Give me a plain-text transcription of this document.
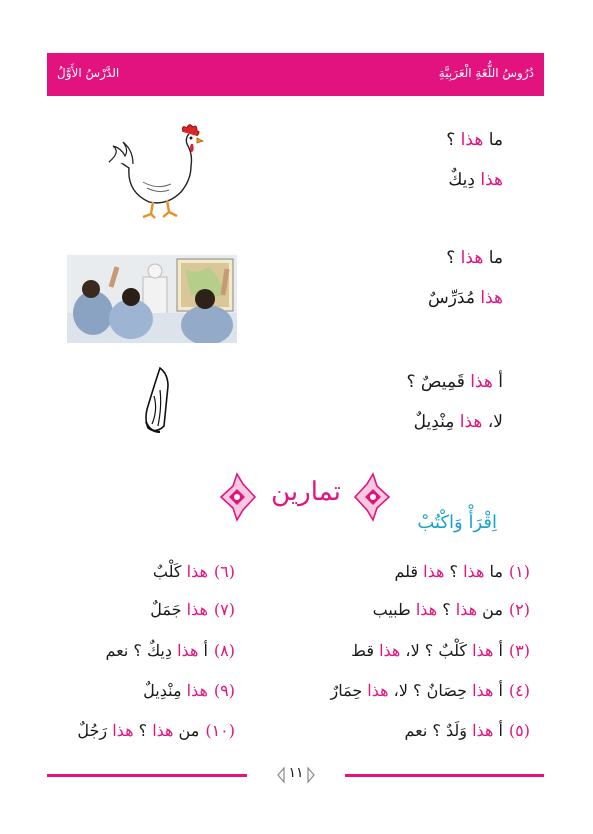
دُرُوسُ اللُّغَةِ الْعَرَبِيَّةِ
الدَّرْسُ الأَوَّلُ
ما هذا ؟
هذا دِيكٌ
ما هذا ؟
هذا مُدَرِّسٌ
أ هذا قَمِيصٌ ؟
لا، هذا مِنْدِيلٌ
تمارين
اِقْرَأْ وَاكْتُبْ
(١)ما هذا ؟ هذا قلم
(٢)من هذا ؟ هذا طبيب
(٣)أ هذا كَلْبٌ ؟ لا، هذا قط
(٤)أ هذا حِصَانٌ ؟ لا، هذا حِمَارٌ
(٥)أ هذا وَلَدٌ ؟ نعم
(٦)هذا كَلْبٌ
(٧)هذا جَمَلٌ
(٨)أ هذا دِيكٌ ؟ نعم
(٩)هذا مِنْدِيلٌ
(١٠)من هذا ؟ هذا رَجُلٌ
١١
